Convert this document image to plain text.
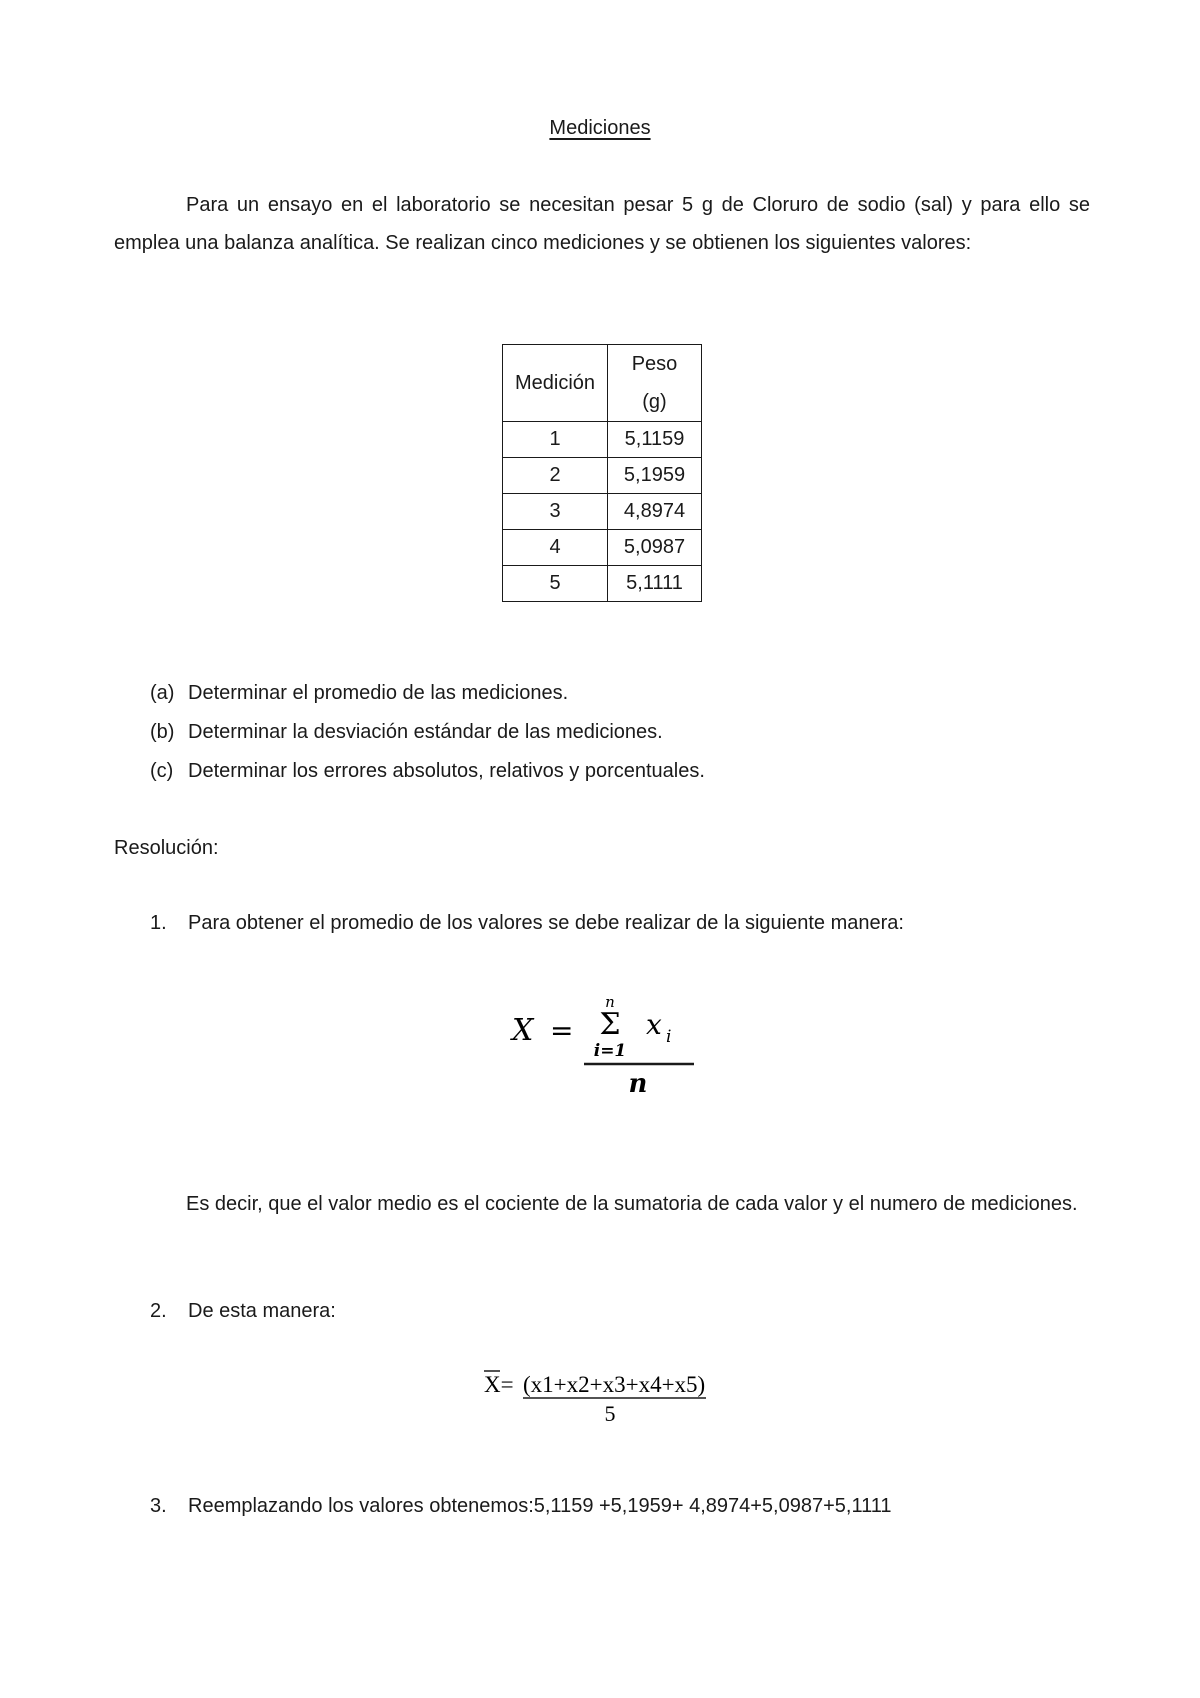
Mediciones
Para un ensayo en el laboratorio se necesitan pesar 5 g de Cloruro de sodio (sal) y para ello se emplea una balanza analítica. Se realizan cinco mediciones y se obtienen los siguientes valores:
Medición	Peso
(g)

1	5,1159
2	5,1959
3	4,8974
4	5,0987
5	5,1111
(a) Determinar el promedio de las mediciones.
(b) Determinar la desviación estándar de las mediciones.
(c) Determinar los errores absolutos, relativos y porcentuales.
Resolución:
1. Para obtener el promedio de los valores se debe realizar de la siguiente manera:
X =
n
Σ
i=1
x i
n
Es decir, que el valor medio es el cociente de la sumatoria de cada valor y el numero de mediciones.
2. De esta manera:
X= (x1+x2+x3+x4+x5)
5
3. Reemplazando los valores obtenemos:5,1159 +5,1959+ 4,8974+5,0987+5,1111
